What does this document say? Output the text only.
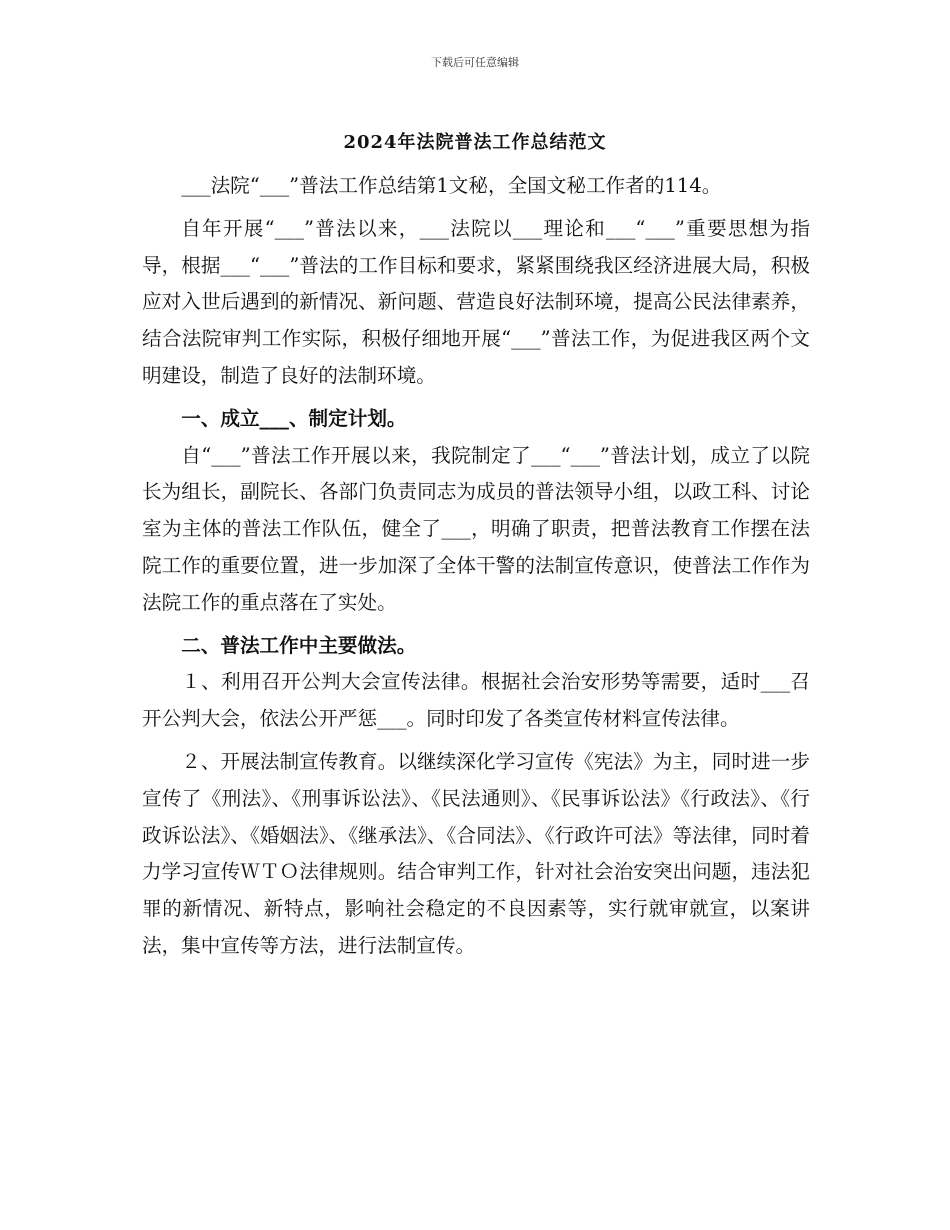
下载后可任意编辑
2024年法院普法工作总结范文

___法院“___”普法工作总结第1文秘，全国文秘工作者的114。

自年开展“___”普法以来，___法院以___理论和___“___”重要思想为指导，根据___“___”普法的工作目标和要求，紧紧围绕我区经济进展大局，积极应对入世后遇到的新情况、新问题、营造良好法制环境，提高公民法律素养，结合法院审判工作实际，积极仔细地开展“___”普法工作，为促进我区两个文明建设，制造了良好的法制环境。

一、成立___、制定计划。

自“___”普法工作开展以来，我院制定了___“___”普法计划，成立了以院长为组长，副院长、各部门负责同志为成员的普法领导小组，以政工科、讨论室为主体的普法工作队伍，健全了___，明确了职责，把普法教育工作摆在法院工作的重要位置，进一步加深了全体干警的法制宣传意识，使普法工作作为法院工作的重点落在了实处。

二、普法工作中主要做法。

１、利用召开公判大会宣传法律。根据社会治安形势等需要，适时___召开公判大会，依法公开严惩___。同时印发了各类宣传材料宣传法律。

２、开展法制宣传教育。以继续深化学习宣传《宪法》为主，同时进一步宣传了《刑法》、《刑事诉讼法》、《民法通则》、《民事诉讼法》《行政法》、《行政诉讼法》、《婚姻法》、《继承法》、《合同法》、《行政许可法》等法律，同时着力学习宣传ＷＴＯ法律规则。结合审判工作，针对社会治安突出问题，违法犯罪的新情况、新特点，影响社会稳定的不良因素等，实行就审就宣，以案讲法，集中宣传等方法，进行法制宣传。
